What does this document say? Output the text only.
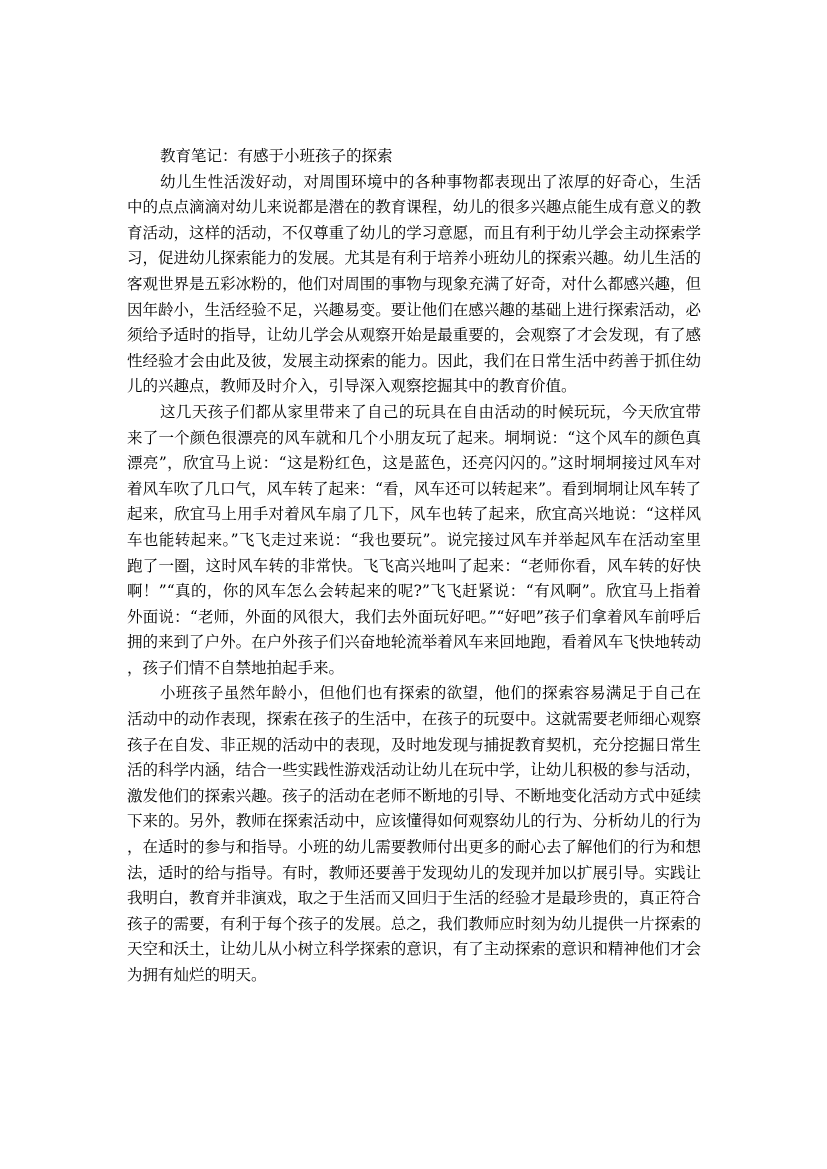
教育笔记：有感于小班孩子的探索

幼儿生性活泼好动，对周围环境中的各种事物都表现出了浓厚的好奇心，生活中的点点滴滴对幼儿来说都是潜在的教育课程，幼儿的很多兴趣点能生成有意义的教育活动，这样的活动，不仅尊重了幼儿的学习意愿，而且有利于幼儿学会主动探索学习，促进幼儿探索能力的发展。尤其是有利于培养小班幼儿的探索兴趣。幼儿生活的客观世界是五彩冰粉的，他们对周围的事物与现象充满了好奇，对什么都感兴趣，但因年龄小，生活经验不足，兴趣易变。要让他们在感兴趣的基础上进行探索活动，必须给予适时的指导，让幼儿学会从观察开始是最重要的，会观察了才会发现，有了感性经验才会由此及彼，发展主动探索的能力。因此，我们在日常生活中药善于抓住幼儿的兴趣点，教师及时介入，引导深入观察挖掘其中的教育价值。

这几天孩子们都从家里带来了自己的玩具在自由活动的时候玩玩，今天欣宜带来了一个颜色很漂亮的风车就和几个小朋友玩了起来。垌垌说：“这个风车的颜色真漂亮”，欣宜马上说：“这是粉红色，这是蓝色，还亮闪闪的。”这时垌垌接过风车对着风车吹了几口气，风车转了起来：“看，风车还可以转起来”。看到垌垌让风车转了起来，欣宜马上用手对着风车扇了几下，风车也转了起来，欣宜高兴地说：“这样风车也能转起来。”飞飞走过来说：“我也要玩”。说完接过风车并举起风车在活动室里跑了一圈，这时风车转的非常快。飞飞高兴地叫了起来：“老师你看，风车转的好快啊！”“真的，你的风车怎么会转起来的呢?”飞飞赶紧说：“有风啊”。欣宜马上指着外面说：“老师，外面的风很大，我们去外面玩好吧。”“好吧”孩子们拿着风车前呼后拥的来到了户外。在户外孩子们兴奋地轮流举着风车来回地跑，看着风车飞快地转动，孩子们情不自禁地拍起手来。

小班孩子虽然年龄小，但他们也有探索的欲望，他们的探索容易满足于自己在活动中的动作表现，探索在孩子的生活中，在孩子的玩耍中。这就需要老师细心观察孩子在自发、非正规的活动中的表现，及时地发现与捕捉教育契机，充分挖掘日常生活的科学内涵，结合一些实践性游戏活动让幼儿在玩中学，让幼儿积极的参与活动，激发他们的探索兴趣。孩子的活动在老师不断地的引导、不断地变化活动方式中延续下来的。另外，教师在探索活动中，应该懂得如何观察幼儿的行为、分析幼儿的行为，在适时的参与和指导。小班的幼儿需要教师付出更多的耐心去了解他们的行为和想法，适时的给与指导。有时，教师还要善于发现幼儿的发现并加以扩展引导。实践让我明白，教育并非演戏，取之于生活而又回归于生活的经验才是最珍贵的，真正符合孩子的需要，有利于每个孩子的发展。总之，我们教师应时刻为幼儿提供一片探索的天空和沃土，让幼儿从小树立科学探索的意识，有了主动探索的意识和精神他们才会为拥有灿烂的明天。
